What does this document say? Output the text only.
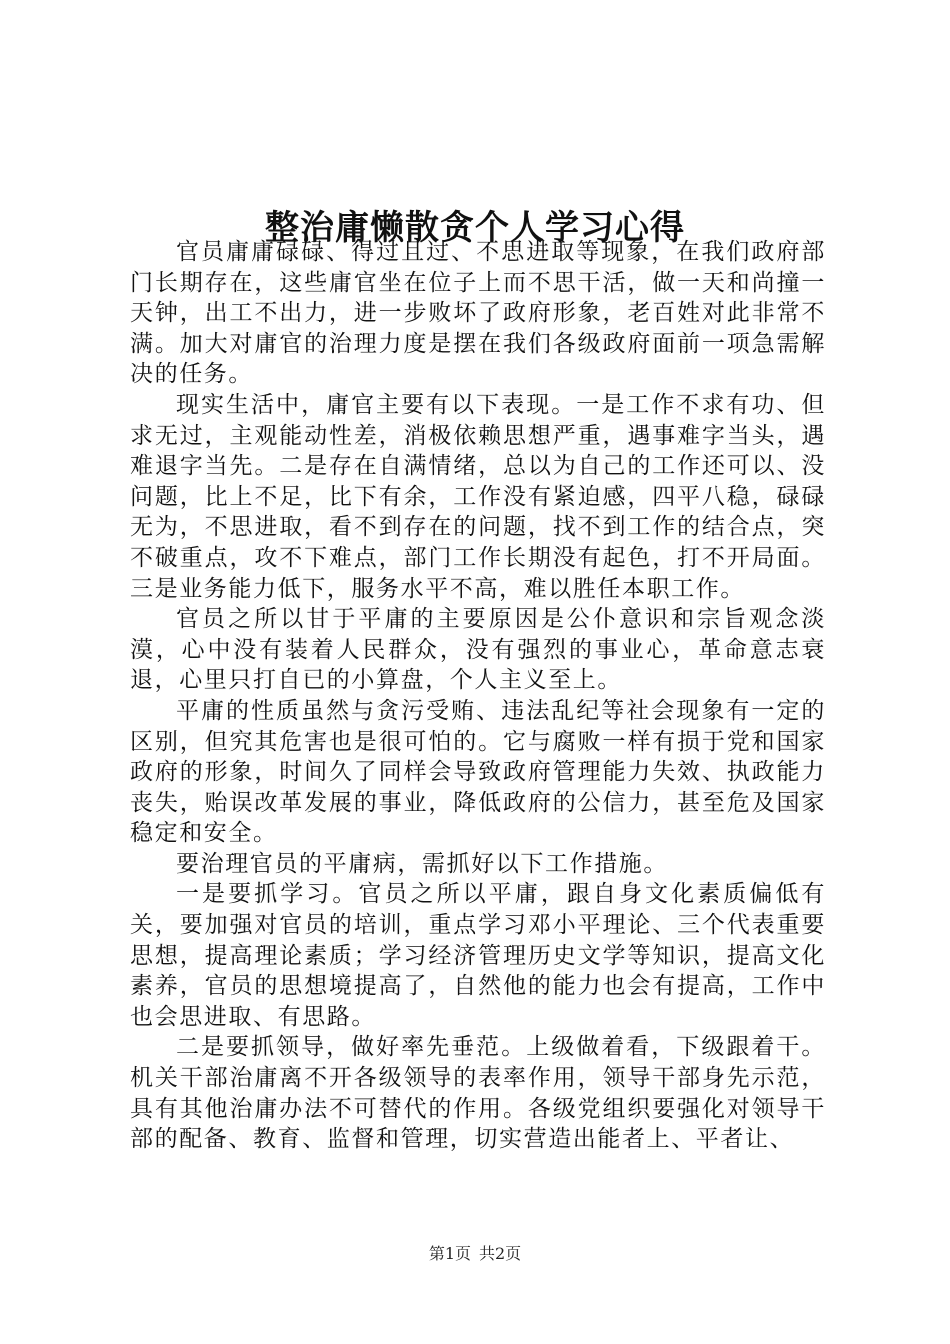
整治庸懒散贪个人学习心得

官员庸庸碌碌、得过且过、不思进取等现象，在我们政府部门长期存在，这些庸官坐在位子上而不思干活，做一天和尚撞一天钟，出工不出力，进一步败坏了政府形象，老百姓对此非常不满。加大对庸官的治理力度是摆在我们各级政府面前一项急需解决的任务。

现实生活中，庸官主要有以下表现。一是工作不求有功、但求无过，主观能动性差，消极依赖思想严重，遇事难字当头，遇难退字当先。二是存在自满情绪，总以为自己的工作还可以、没问题，比上不足，比下有余，工作没有紧迫感，四平八稳，碌碌无为，不思进取，看不到存在的问题，找不到工作的结合点，突不破重点，攻不下难点，部门工作长期没有起色，打不开局面。三是业务能力低下，服务水平不高，难以胜任本职工作。

官员之所以甘于平庸的主要原因是公仆意识和宗旨观念淡漠，心中没有装着人民群众，没有强烈的事业心，革命意志衰退，心里只打自已的小算盘，个人主义至上。

平庸的性质虽然与贪污受贿、违法乱纪等社会现象有一定的区别，但究其危害也是很可怕的。它与腐败一样有损于党和国家政府的形象，时间久了同样会导致政府管理能力失效、执政能力丧失，贻误改革发展的事业，降低政府的公信力，甚至危及国家稳定和安全。

要治理官员的平庸病，需抓好以下工作措施。

一是要抓学习。官员之所以平庸，跟自身文化素质偏低有关，要加强对官员的培训，重点学习邓小平理论、三个代表重要思想，提高理论素质；学习经济管理历史文学等知识，提高文化素养，官员的思想境提高了，自然他的能力也会有提高，工作中也会思进取、有思路。

二是要抓领导，做好率先垂范。上级做着看，下级跟着干。机关干部治庸离不开各级领导的表率作用，领导干部身先示范，具有其他治庸办法不可替代的作用。各级党组织要强化对领导干部的配备、教育、监督和管理，切实营造出能者上、平者让、

第1页 共2页
